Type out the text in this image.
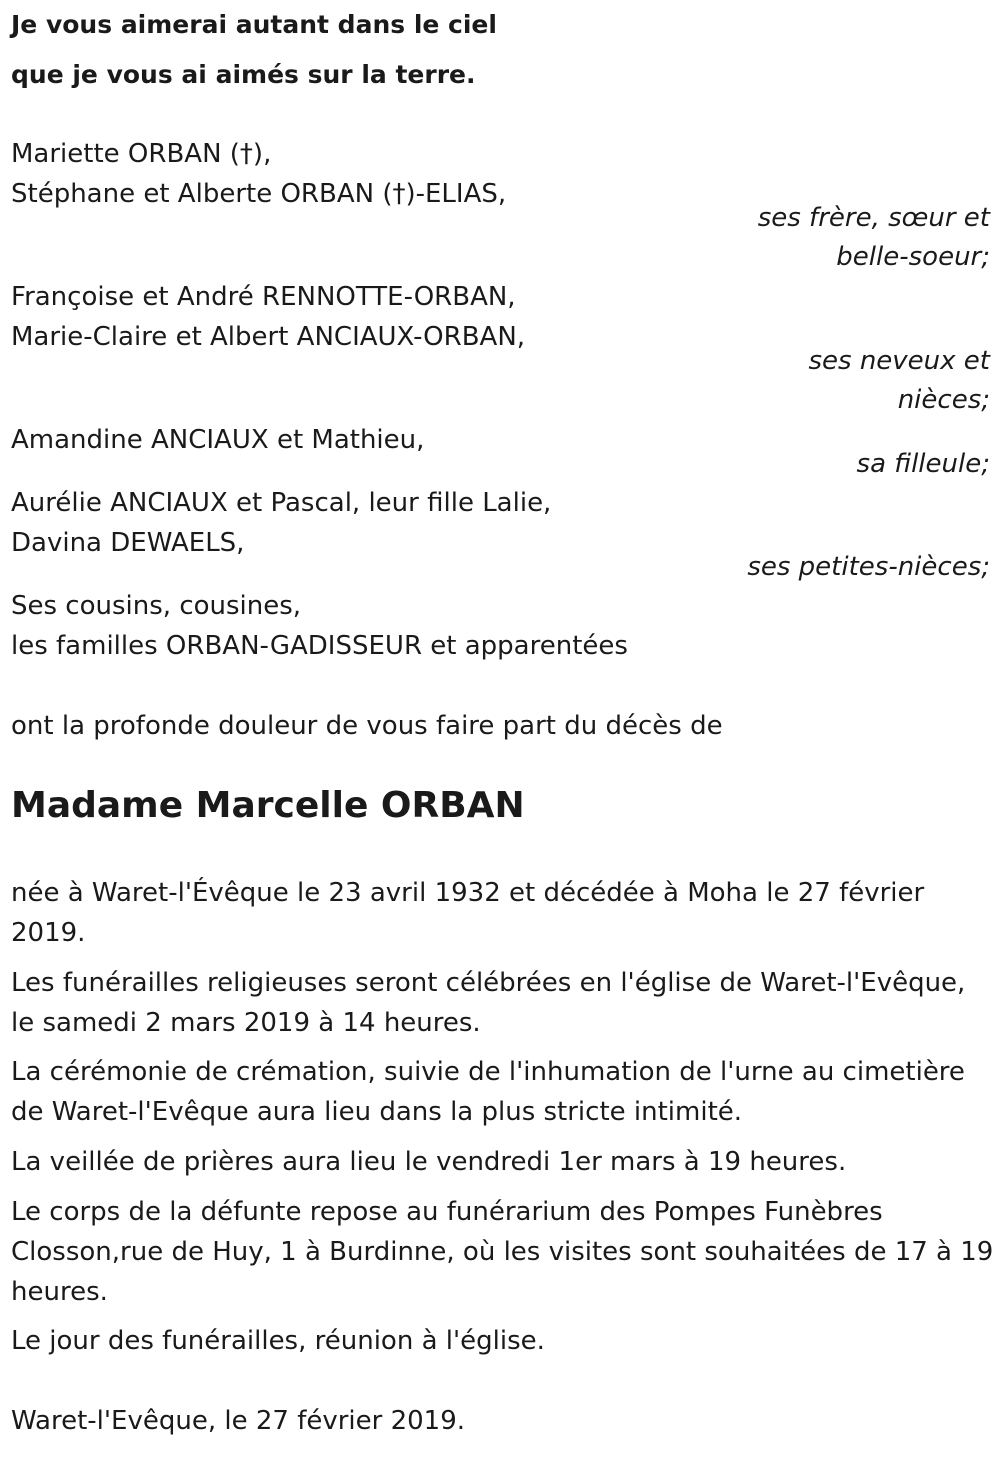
Je vous aimerai autant dans le ciel
que je vous ai aimés sur la terre.
Mariette ORBAN (†),
Stéphane et Alberte ORBAN (†)-ELIAS,
ses frère, sœur et
belle-soeur;
Françoise et André RENNOTTE-ORBAN,
Marie-Claire et Albert ANCIAUX-ORBAN,
ses neveux et
nièces;
Amandine ANCIAUX et Mathieu,
sa filleule;
Aurélie ANCIAUX et Pascal, leur fille Lalie,
Davina DEWAELS,
ses petites-nièces;
Ses cousins, cousines,
les familles ORBAN-GADISSEUR et apparentées
ont la profonde douleur de vous faire part du décès de
Madame Marcelle ORBAN
née à Waret-l'Évêque le 23 avril 1932 et décédée à Moha le 27 février
2019.
Les funérailles religieuses seront célébrées en l'église de Waret-l'Evêque,
le samedi 2 mars 2019 à 14 heures.
La cérémonie de crémation, suivie de l'inhumation de l'urne au cimetière
de Waret-l'Evêque aura lieu dans la plus stricte intimité.
La veillée de prières aura lieu le vendredi 1er mars à 19 heures.
Le corps de la défunte repose au funérarium des Pompes Funèbres
Closson,rue de Huy, 1 à Burdinne, où les visites sont souhaitées de 17 à 19
heures.
Le jour des funérailles, réunion à l'église.
Waret-l'Evêque, le 27 février 2019.
